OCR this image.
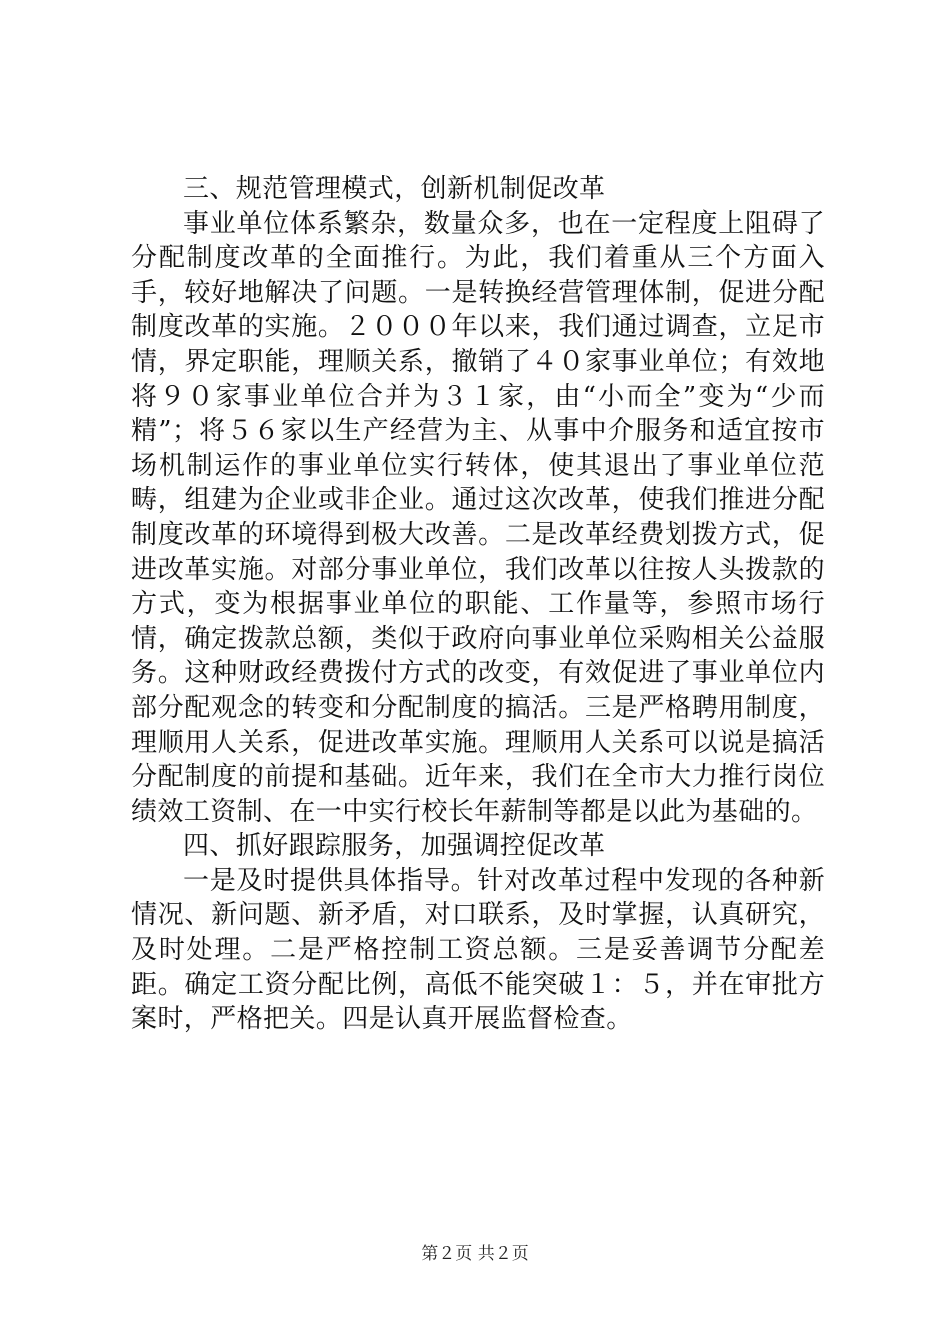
三、规范管理模式，创新机制促改革

事业单位体系繁杂，数量众多，也在一定程度上阻碍了分配制度改革的全面推行。为此，我们着重从三个方面入手，较好地解决了问题。一是转换经营管理体制，促进分配制度改革的实施。２０００年以来，我们通过调查，立足市情，界定职能，理顺关系，撤销了４０家事业单位；有效地将９０家事业单位合并为３１家，由“小而全”变为“少而精”；将５６家以生产经营为主、从事中介服务和适宜按市场机制运作的事业单位实行转体，使其退出了事业单位范畴，组建为企业或非企业。通过这次改革，使我们推进分配制度改革的环境得到极大改善。二是改革经费划拨方式，促进改革实施。对部分事业单位，我们改革以往按人头拨款的方式，变为根据事业单位的职能、工作量等，参照市场行情，确定拨款总额，类似于政府向事业单位采购相关公益服务。这种财政经费拨付方式的改变，有效促进了事业单位内部分配观念的转变和分配制度的搞活。三是严格聘用制度，理顺用人关系，促进改革实施。理顺用人关系可以说是搞活分配制度的前提和基础。近年来，我们在全市大力推行岗位绩效工资制、在一中实行校长年薪制等都是以此为基础的。

四、抓好跟踪服务，加强调控促改革

一是及时提供具体指导。针对改革过程中发现的各种新情况、新问题、新矛盾，对口联系，及时掌握，认真研究，及时处理。二是严格控制工资总额。三是妥善调节分配差距。确定工资分配比例，高低不能突破１：５，并在审批方案时，严格把关。四是认真开展监督检查。

第２页 共２页
